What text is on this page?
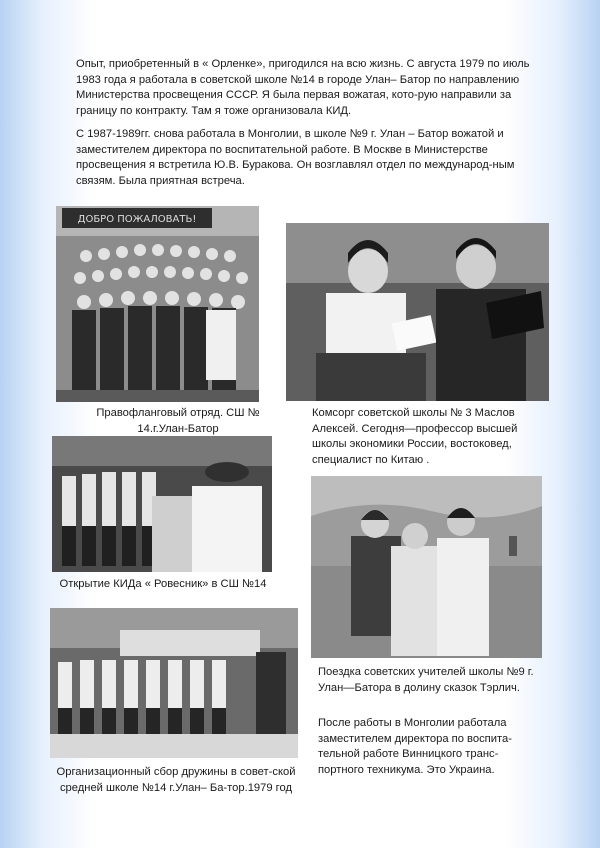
Опыт, приобретенный в « Орленке», пригодился на всю жизнь. С августа 1979 по июль 1983 года я работала в советской школе №14 в городе Улан– Батор по направлению Министерства просвещения СССР. Я была первая вожатая, кото-рую направили за границу по контракту. Там я тоже организовала КИД.

С 1987-1989гг. снова работала в Монголии, в школе №9 г. Улан – Батор вожатой и заместителем директора по воспитательной работе. В Москве в Министерстве просвещения я встретила Ю.В. Буракова. Он возглавлял отдел по международ-ным связям. Была приятная встреча.

ДОБРО ПОЖАЛОВАТЬ!

Правофланговый отряд. СШ № 14.г.Улан-Батор

Комсорг советской школы № 3 Маслов Алексей. Сегодня—профессор высшей школы экономики России, востоковед, специалист по Китаю .

Открытие КИДа « Ровесник» в СШ №14

Поездка советских учителей школы №9 г. Улан—Батора в долину сказок Тэрлич.

После работы в Монголии работала заместителем директора по воспита-тельной работе Винницкого транс-портного техникума. Это Украина.

Организационный сбор дружины в совет-ской средней школе №14 г.Улан– Ба-тор.1979 год
